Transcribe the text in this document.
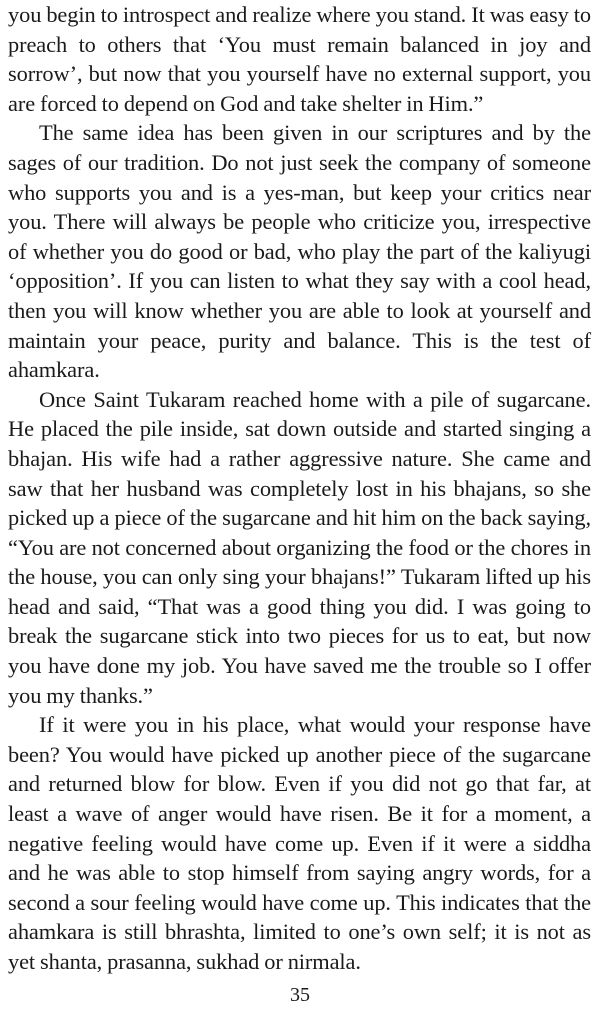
you begin to introspect and realize where you stand. It was easy to preach to others that ‘You must remain balanced in joy and sorrow’, but now that you yourself have no external support, you are forced to depend on God and take shelter in Him.”

The same idea has been given in our scriptures and by the sages of our tradition. Do not just seek the company of someone who supports you and is a yes-man, but keep your critics near you. There will always be people who criticize you, irrespective of whether you do good or bad, who play the part of the kaliyugi ‘opposition’. If you can listen to what they say with a cool head, then you will know whether you are able to look at yourself and maintain your peace, purity and balance. This is the test of ahamkara.

Once Saint Tukaram reached home with a pile of sugarcane. He placed the pile inside, sat down outside and started singing a bhajan. His wife had a rather aggressive nature. She came and saw that her husband was completely lost in his bhajans, so she picked up a piece of the sugarcane and hit him on the back saying, “You are not concerned about organizing the food or the chores in the house, you can only sing your bhajans!” Tukaram lifted up his head and said, “That was a good thing you did. I was going to break the sugarcane stick into two pieces for us to eat, but now you have done my job. You have saved me the trouble so I offer you my thanks.”

If it were you in his place, what would your response have been? You would have picked up another piece of the sugarcane and returned blow for blow. Even if you did not go that far, at least a wave of anger would have risen. Be it for a moment, a negative feeling would have come up. Even if it were a siddha and he was able to stop himself from saying angry words, for a second a sour feeling would have come up. This indicates that the ahamkara is still bhrashta, limited to one’s own self; it is not as yet shanta, prasanna, sukhad or nirmala.

35
